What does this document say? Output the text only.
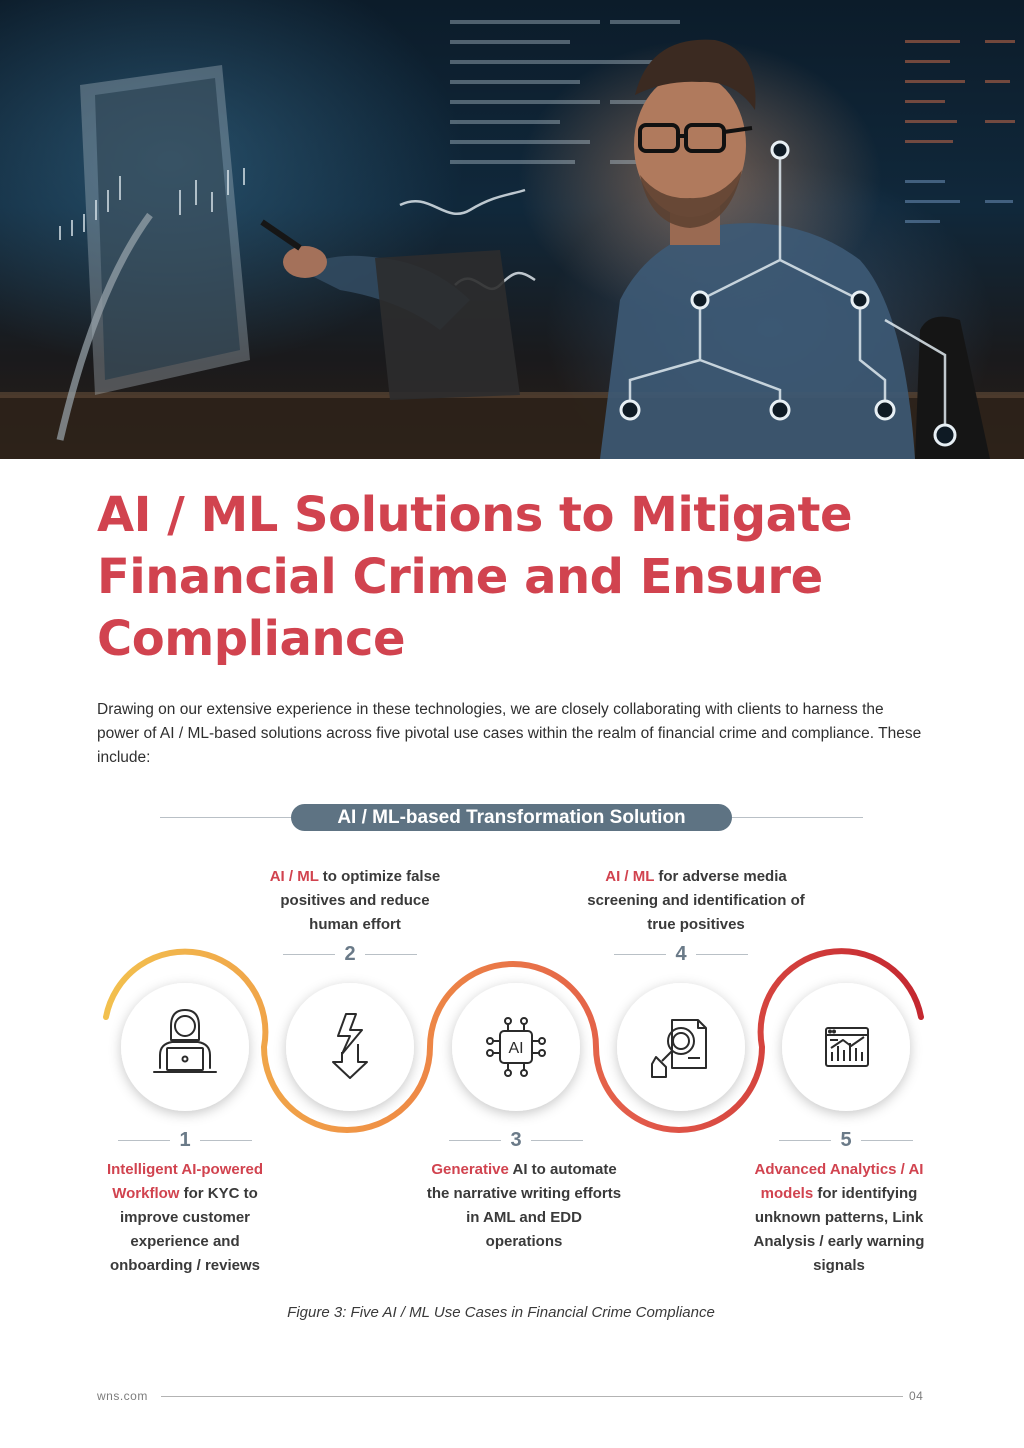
AI / ML Solutions to Mitigate Financial Crime and Ensure Compliance

Drawing on our extensive experience in these technologies, we are closely collaborating with clients to harness the power of AI / ML-based solutions across five pivotal use cases within the realm of financial crime and compliance. These include:

AI / ML-based Transformation Solution
AI / ML to optimize false positives and reduce human effort
AI / ML for adverse media screening and identification of true positives
2	4
AI
1	3	5
Intelligent AI-powered Workflow for KYC to improve customer experience and onboarding / reviews
Generative AI to automate the narrative writing efforts in AML and EDD operations
Advanced Analytics / AI models for identifying unknown patterns, Link Analysis / early warning signals
Figure 3: Five AI / ML Use Cases in Financial Crime Compliance
wns.com	04
